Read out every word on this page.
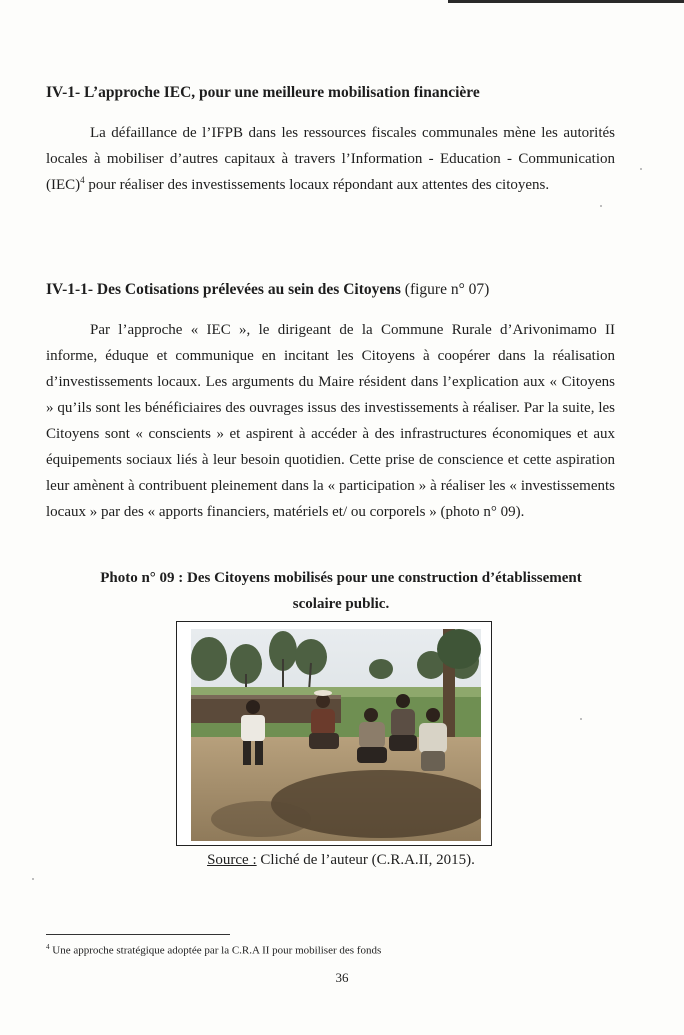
IV-1- L’approche IEC, pour une meilleure mobilisation financière
La défaillance de l’IFPB dans les ressources fiscales communales mène les autorités locales à mobiliser d’autres capitaux à travers l’Information - Education - Communication (IEC)$^4$ pour réaliser des investissements locaux répondant aux attentes des citoyens.
IV-1-1- Des Cotisations prélevées au sein des Citoyens (figure n° 07)
Par l’approche « IEC », le dirigeant de la Commune Rurale d’Arivonimamo II informe, éduque et communique en incitant les Citoyens à coopérer dans la réalisation d’investissements locaux. Les arguments du Maire résident dans l’explication aux « Citoyens » qu’ils sont les bénéficiaires des ouvrages issus des investissements à réaliser. Par la suite, les Citoyens sont « conscients » et aspirent à accéder à des infrastructures économiques et aux équipements sociaux liés à leur besoin quotidien. Cette prise de conscience et cette aspiration leur amènent à contribuent pleinement dans la « participation » à réaliser les « investissements locaux » par des « apports financiers, matériels et/ ou corporels » (photo n° 09).
Photo n° 09 : Des Citoyens mobilisés pour une construction d’établissement
scolaire public.
Source : Cliché de l’auteur (C.R.A.II, 2015).
$^4$ Une approche stratégique adoptée par la C.R.A II pour mobiliser des fonds
36
